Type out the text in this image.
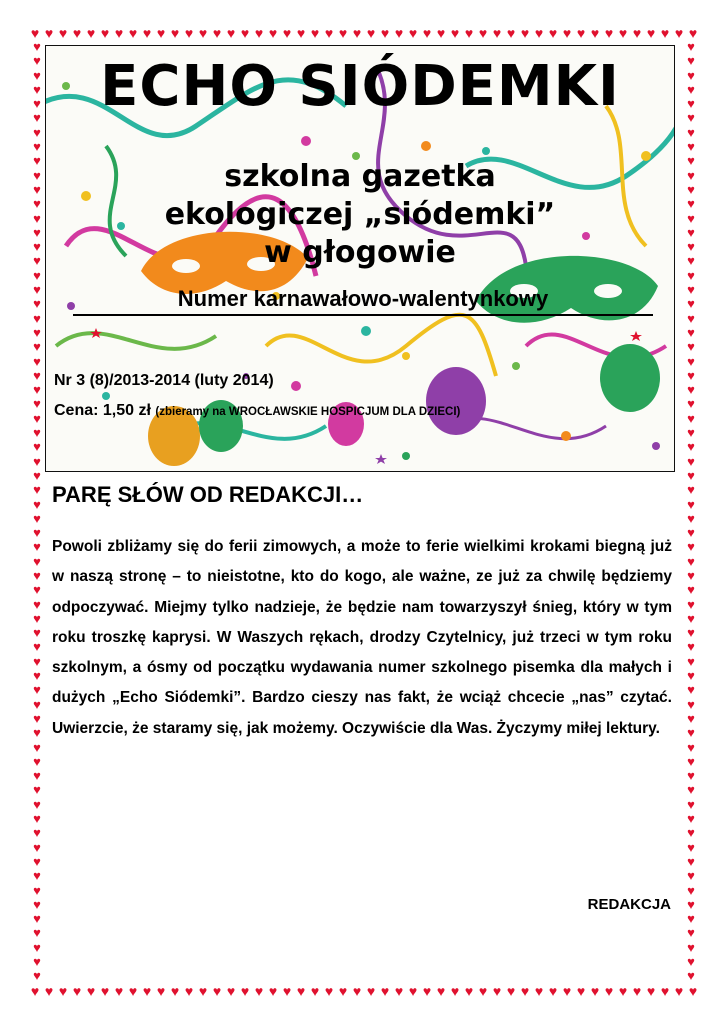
♥ ♥ ♥ ♥ ♥ ♥ ♥ ♥ ♥ ♥ ♥ ♥ ♥ ♥ ♥ ♥ ♥ ♥ ♥ ♥ ♥ ♥ ♥ ♥ ♥ ♥ ♥ ♥ ♥ ♥ ♥ ♥ ♥ ♥ ♥ ♥ ♥ ♥ ♥ ♥ ♥ ♥ ♥ ♥ ♥ ♥ ♥ ♥
♥ ♥ ♥ ♥ ♥ ♥ ♥ ♥ ♥ ♥ ♥ ♥ ♥ ♥ ♥ ♥ ♥ ♥ ♥ ♥ ♥ ♥ ♥ ♥ ♥ ♥ ♥ ♥ ♥ ♥ ♥ ♥ ♥ ♥ ♥ ♥ ♥ ♥ ♥ ♥ ♥ ♥ ♥ ♥ ♥ ♥ ♥ ♥
♥
♥
♥
♥
♥
♥
♥
♥
♥
♥
♥
♥
♥
♥
♥
♥
♥
♥
♥
♥
♥
♥
♥
♥
♥
♥
♥
♥
♥
♥
♥
♥
♥
♥
♥
♥
♥
♥
♥
♥
♥
♥
♥
♥
♥
♥
♥
♥
♥
♥
♥
♥
♥
♥
♥
♥
♥
♥
♥
♥
♥
♥
♥
♥
♥
♥
♥
♥
♥
♥
♥
♥
♥
♥
♥
♥
♥
♥
♥
♥
♥
♥
♥
♥
♥
♥
♥
♥
♥
♥
♥
♥
♥
♥
♥
♥
♥
♥
♥
♥
♥
♥
♥
♥
♥
♥
♥
♥
♥
♥
♥
♥
♥
♥
♥
♥
♥
♥
♥
♥
♥
♥
♥
♥
♥
♥
♥
♥
♥
♥
♥
♥
ECHO SIÓDEMKI
szkolna gazetka
ekologiczej „siódemki”
w głogowie
Numer karnawałowo-walentynkowy
Nr 3 (8)/2013-2014 (luty 2014)
Cena: 1,50 zł (zbieramy na WROCŁAWSKIE HOSPICJUM DLA DZIECI)
PARĘ SŁÓW OD REDAKCJI…

Powoli zbliżamy się do ferii zimowych, a może to ferie wielkimi krokami biegną już w naszą stronę – to nieistotne, kto do kogo, ale ważne, ze już za chwilę będziemy odpoczywać. Miejmy tylko nadzieje, że będzie nam towarzyszył śnieg, który w tym roku troszkę kaprysi. W Waszych rękach, drodzy Czytelnicy, już trzeci w tym roku szkolnym, a ósmy od początku wydawania numer szkolnego pisemka dla małych i dużych „Echo Siódemki”. Bardzo cieszy nas fakt, że wciąż chcecie „nas” czytać. Uwierzcie, że staramy się, jak możemy. Oczywiście dla Was. Życzymy miłej lektury.

REDAKCJA
